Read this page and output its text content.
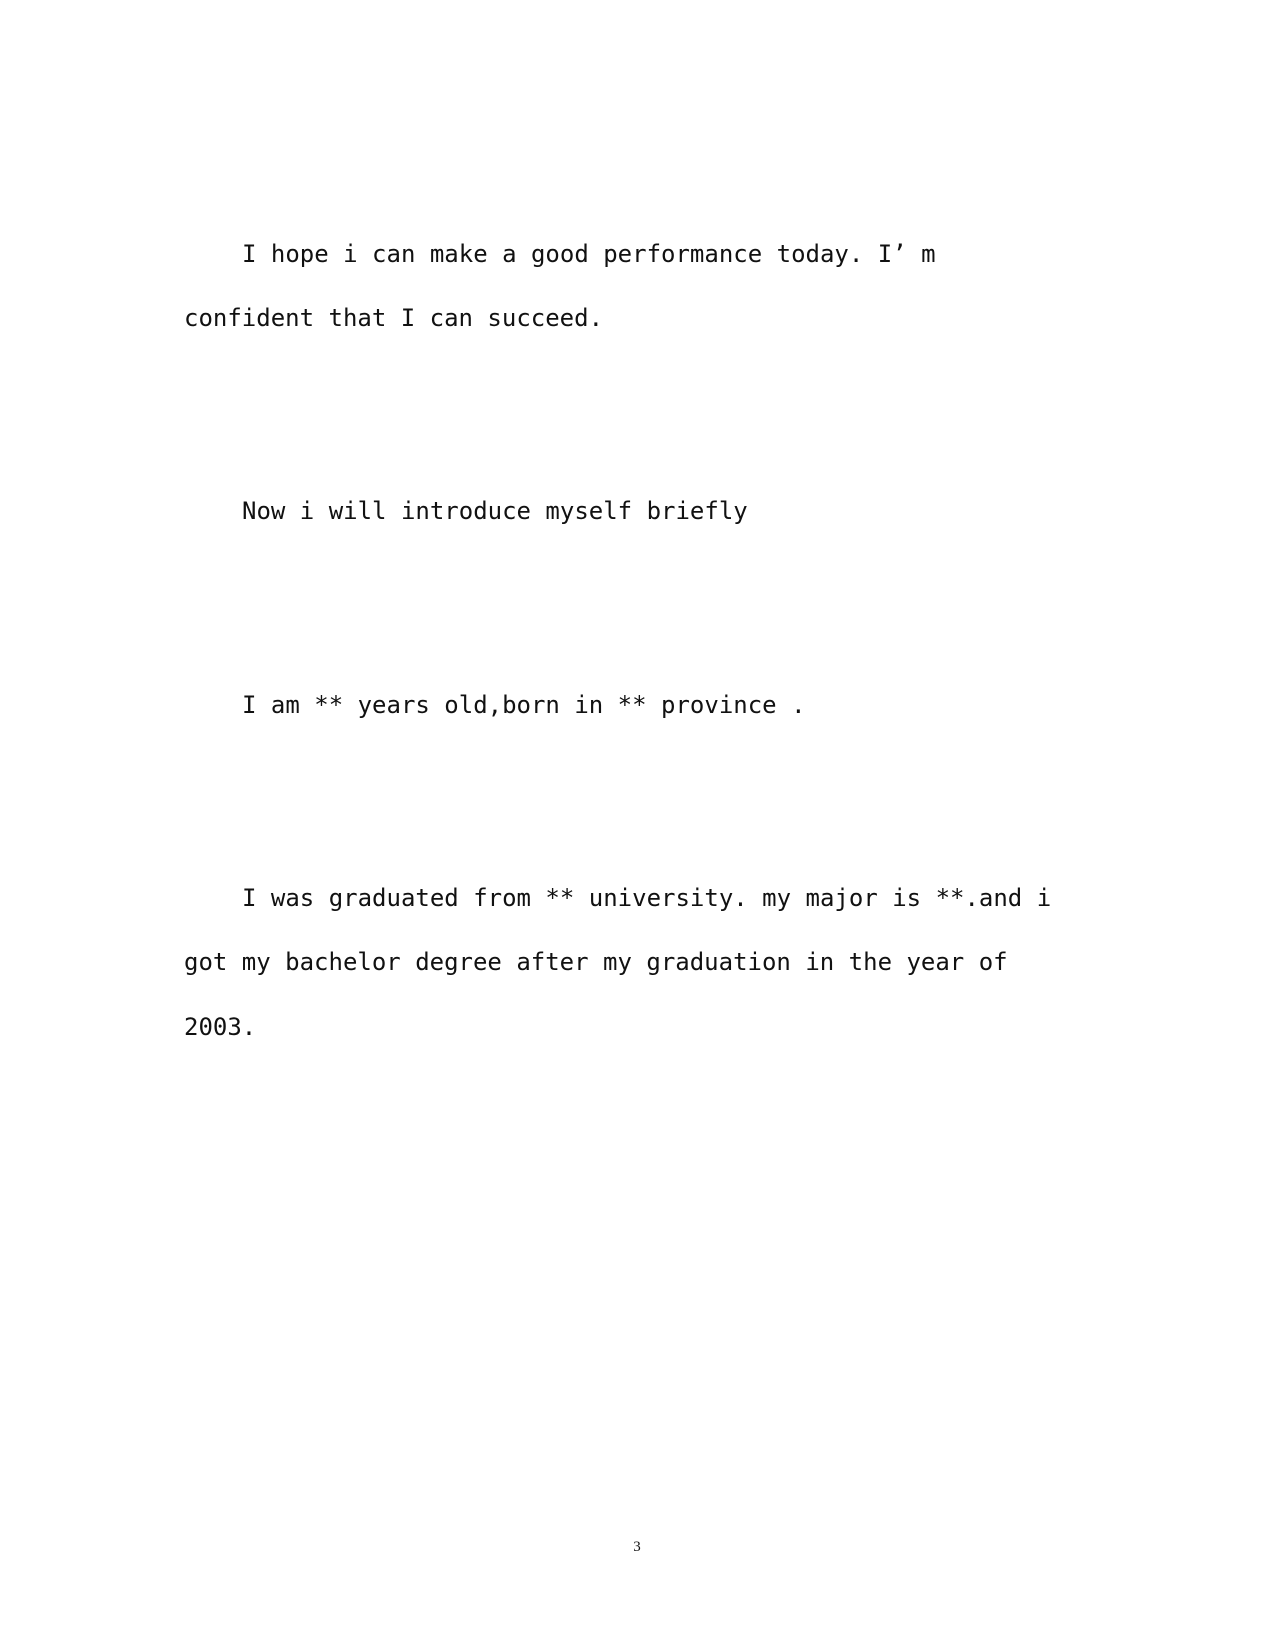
I hope i can make a good performance today. I’ m
confident that I can succeed.
Now i will introduce myself briefly
I am ** years old,born in ** province .
I was graduated from ** university. my major is **.and i
got my bachelor degree after my graduation in the year of
2003.
3
